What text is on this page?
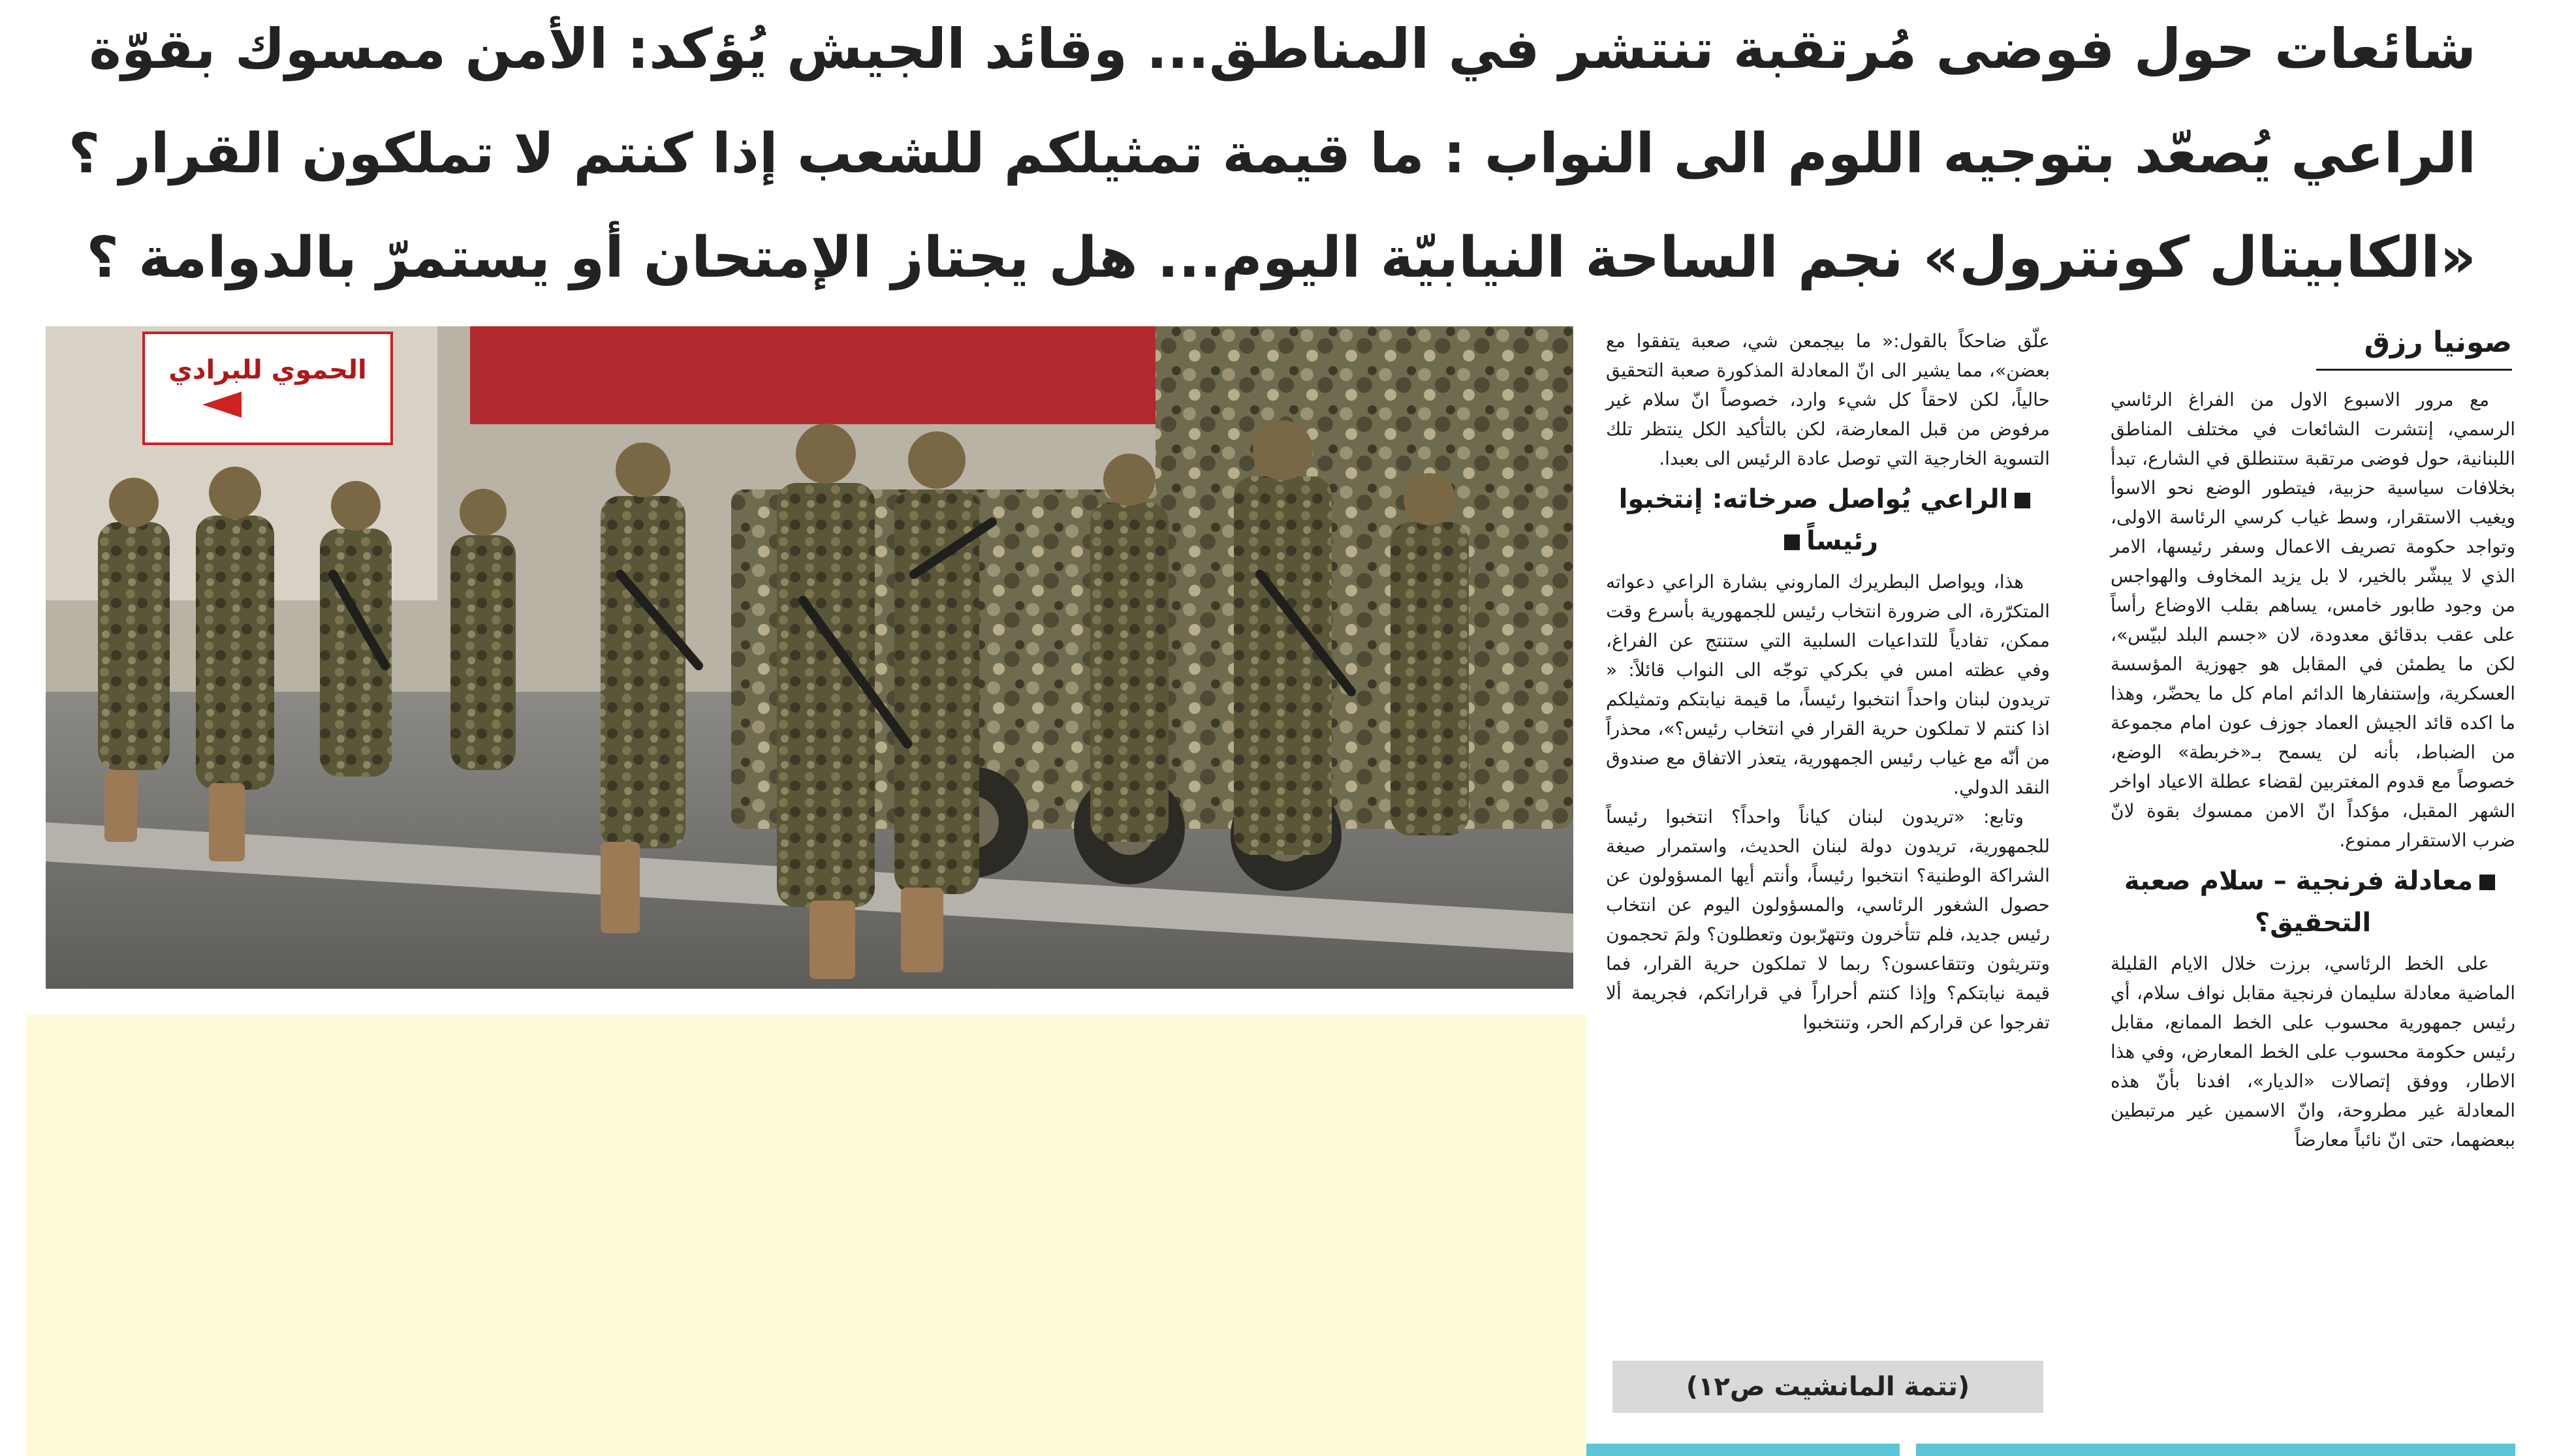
شائعات حول فوضى مُرتقبة تنتشر في المناطق... وقائد الجيش يُؤكد: الأمن ممسوك بقوّة
الراعي يُصعّد بتوجيه اللوم الى النواب : ما قيمة تمثيلكم للشعب إذا كنتم لا تملكون القرار ؟
«الكابيتال كونترول» نجم الساحة النيابيّة اليوم... هل يجتاز الإمتحان أو يستمرّ بالدوامة ؟
صونيا رزق

مع مرور الاسبوع الاول من الفراغ الرئاسي الرسمي، إنتشرت الشائعات في مختلف المناطق اللبنانية، حول فوضى مرتقبة ستنطلق في الشارع، تبدأ بخلافات سياسية حزبية، فيتطور الوضع نحو الاسوأ ويغيب الاستقرار، وسط غياب كرسي الرئاسة الاولى، وتواجد حكومة تصريف الاعمال وسفر رئيسها، الامر الذي لا يبشّر بالخير، لا بل يزيد المخاوف والهواجس من وجود طابور خامس، يساهم بقلب الاوضاع رأساً على عقب بدقائق معدودة، لان «جسم البلد لبيّس»، لكن ما يطمئن في المقابل هو جهوزية المؤسسة العسكرية، وإستنفارها الدائم امام كل ما يحضّر، وهذا ما اكده قائد الجيش العماد جوزف عون امام مجموعة من الضباط، بأنه لن يسمح بـ«خربطة» الوضع، خصوصاً مع قدوم المغتربين لقضاء عطلة الاعياد اواخر الشهر المقبل، مؤكداً انّ الامن ممسوك بقوة لانّ ضرب الاستقرار ممنوع.

معادلة فرنجية – سلام صعبة التحقيق؟

على الخط الرئاسي، برزت خلال الايام القليلة الماضية معادلة سليمان فرنجية مقابل نواف سلام، أي رئيس جمهورية محسوب على الخط الممانع، مقابل رئيس حكومة محسوب على الخط المعارض، وفي هذا الاطار، ووفق إتصالات «الديار»، افدنا بأنّ هذه المعادلة غير مطروحة، وانّ الاسمين غير مرتبطين ببعضهما، حتى انّ نائباً معارضاً

علّق ضاحكاً بالقول:« ما بيجمعن شي، صعبة يتفقوا مع بعضن»، مما يشير الى انّ المعادلة المذكورة صعبة التحقيق حالياً، لكن لاحقاً كل شيء وارد، خصوصاً انّ سلام غير مرفوض من قبل المعارضة، لكن بالتأكيد الكل ينتظر تلك التسوية الخارجية التي توصل عادة الرئيس الى بعبدا.

الراعي يُواصل صرخاته: إنتخبوا رئيساً

هذا، ويواصل البطريرك الماروني بشارة الراعي دعواته المتكرّرة، الى ضرورة انتخاب رئيس للجمهورية بأسرع وقت ممكن، تفادياً للتداعيات السلبية التي ستنتج عن الفراغ، وفي عظته امس في بكركي توجّه الى النواب قائلاً: « تريدون لبنان واحداً انتخبوا رئيساً، ما قيمة نيابتكم وتمثيلكم اذا كنتم لا تملكون حرية القرار في انتخاب رئيس؟»، محذراً من أنّه مع غياب رئيس الجمهورية، يتعذر الاتفاق مع صندوق النقد الدولي.

وتابع: «تريدون لبنان كياناً واحداً؟ انتخبوا رئيساً للجمهورية، تريدون دولة لبنان الحديث، واستمرار صيغة الشراكة الوطنية؟ انتخبوا رئيساً، وأنتم أيها المسؤولون عن حصول الشغور الرئاسي، والمسؤولون اليوم عن انتخاب رئيس جديد، فلم تتأخرون وتتهرّبون وتعطلون؟ ولمَ تحجمون وتتريثون وتتقاعسون؟ ربما لا تملكون حرية القرار، فما قيمة نيابتكم؟ وإذا كنتم أحراراً في قراراتكم، فجريمة ألا تفرجوا عن قراركم الحر، وتنتخبوا

(تتمة المانشيت ص١٢)
الحموي للبرادي
